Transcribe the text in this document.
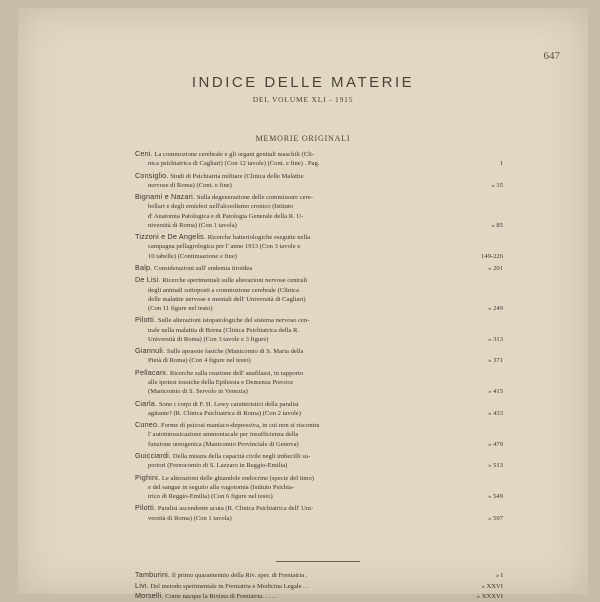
647
INDICE DELLE MATERIE
DEL VOLUME XLI - 1915
MEMORIE ORIGINALI
Ceni. La commozione cerebrale e gli organi genitali maschili (Cli-
nica psichiatrica di Cagliari) (Con 12 tavole) (Cont. e fine) . Pag.	1
Consiglio. Studi di Psichiatria militare (Clinica delle Malattie
nervose di Roma) (Cont. e fine)	» 35
Bignami e Nazari. Sulla degenerazione delle commissure cere-
bellari e degli emisferi nell'alcoolismo cronico (Istituto
d' Anatomia Patologica e di Patologia Generale della R. U-
niversità di Roma) (Con 1 tavola)	» 85
Tizzoni e De Angelis. Ricerche batteriologiche eseguite nella
campagna pellagrologica per l' anno 1913 (Con 3 tavole e
10 tabelle) (Continuazione e fine)	149-226
Balp. Considerazioni sull' endemia tiroidea	» 201
De Lisi. Ricerche sperimentali sulle alterazioni nervose centrali
degli animali sottoposti a commozione cerebrale (Clinica
delle malattie nervose e mentali dell' Università di Cagliari)
(Con 11 figure nel testo)	» 249
Pilotti. Sulle alterazioni istopatologiche del sistema nervoso cen-
trale nella malattia di Borna (Clinica Psichiatrica della R.
Università di Roma) (Con 3 tavole e 3 figure)	» 313
Giannuli. Sulle aprassie fasiche (Manicomio di S. Maria della
Pietà di Roma) (Con 4 figure nel testo)	» 371
Pellacani. Ricerche sulla reazione dell' anafilassi, in rapporto
alle ipotesi tossiche della Epilessia e Demenza Precoce
(Manicomio di S. Servolo in Venezia)	» 415
Ciarla. Sono i corpi di F. H. Lewy caratteristici della paralisi
agitante? (R. Clinica Psichiatrica di Roma) (Con 2 tavole)	» 433
Cuneo. Forme di psicosi maniaco-depressiva, in cui non si riscontra
l' autointossicazione ammoniacale per insufficienza della
funzione ureogenica (Manicomio Provinciale di Genova)	» 479
Guicciardi. Della misura della capacità civile negli imbecilli su-
periori (Frenocomio di S. Lazzaro in Reggio-Emilia)	» 513
Pighini. Le alterazioni delle ghiandole endocrine (specie del timo)
e del sangue in seguito alla vagotomia (Istituto Psichia-
trico di Reggio-Emilia) (Con 6 figure nel testo)	» 549
Pilotti. Paralisi ascendente acuta (R. Clinica Psichiatrica dell' Uni-
versità di Roma) (Con 1 tavola)	» 597
Tamburini. Il primo quarantennio della Riv. sper. di Freniatria .	» I
Livi. Del metodo sperimentale in Freniatria e Medicina Legale . .	» XXVI
Morselli. Come nacque la Rivista di Freniatria. . . . .	» XXXVI
